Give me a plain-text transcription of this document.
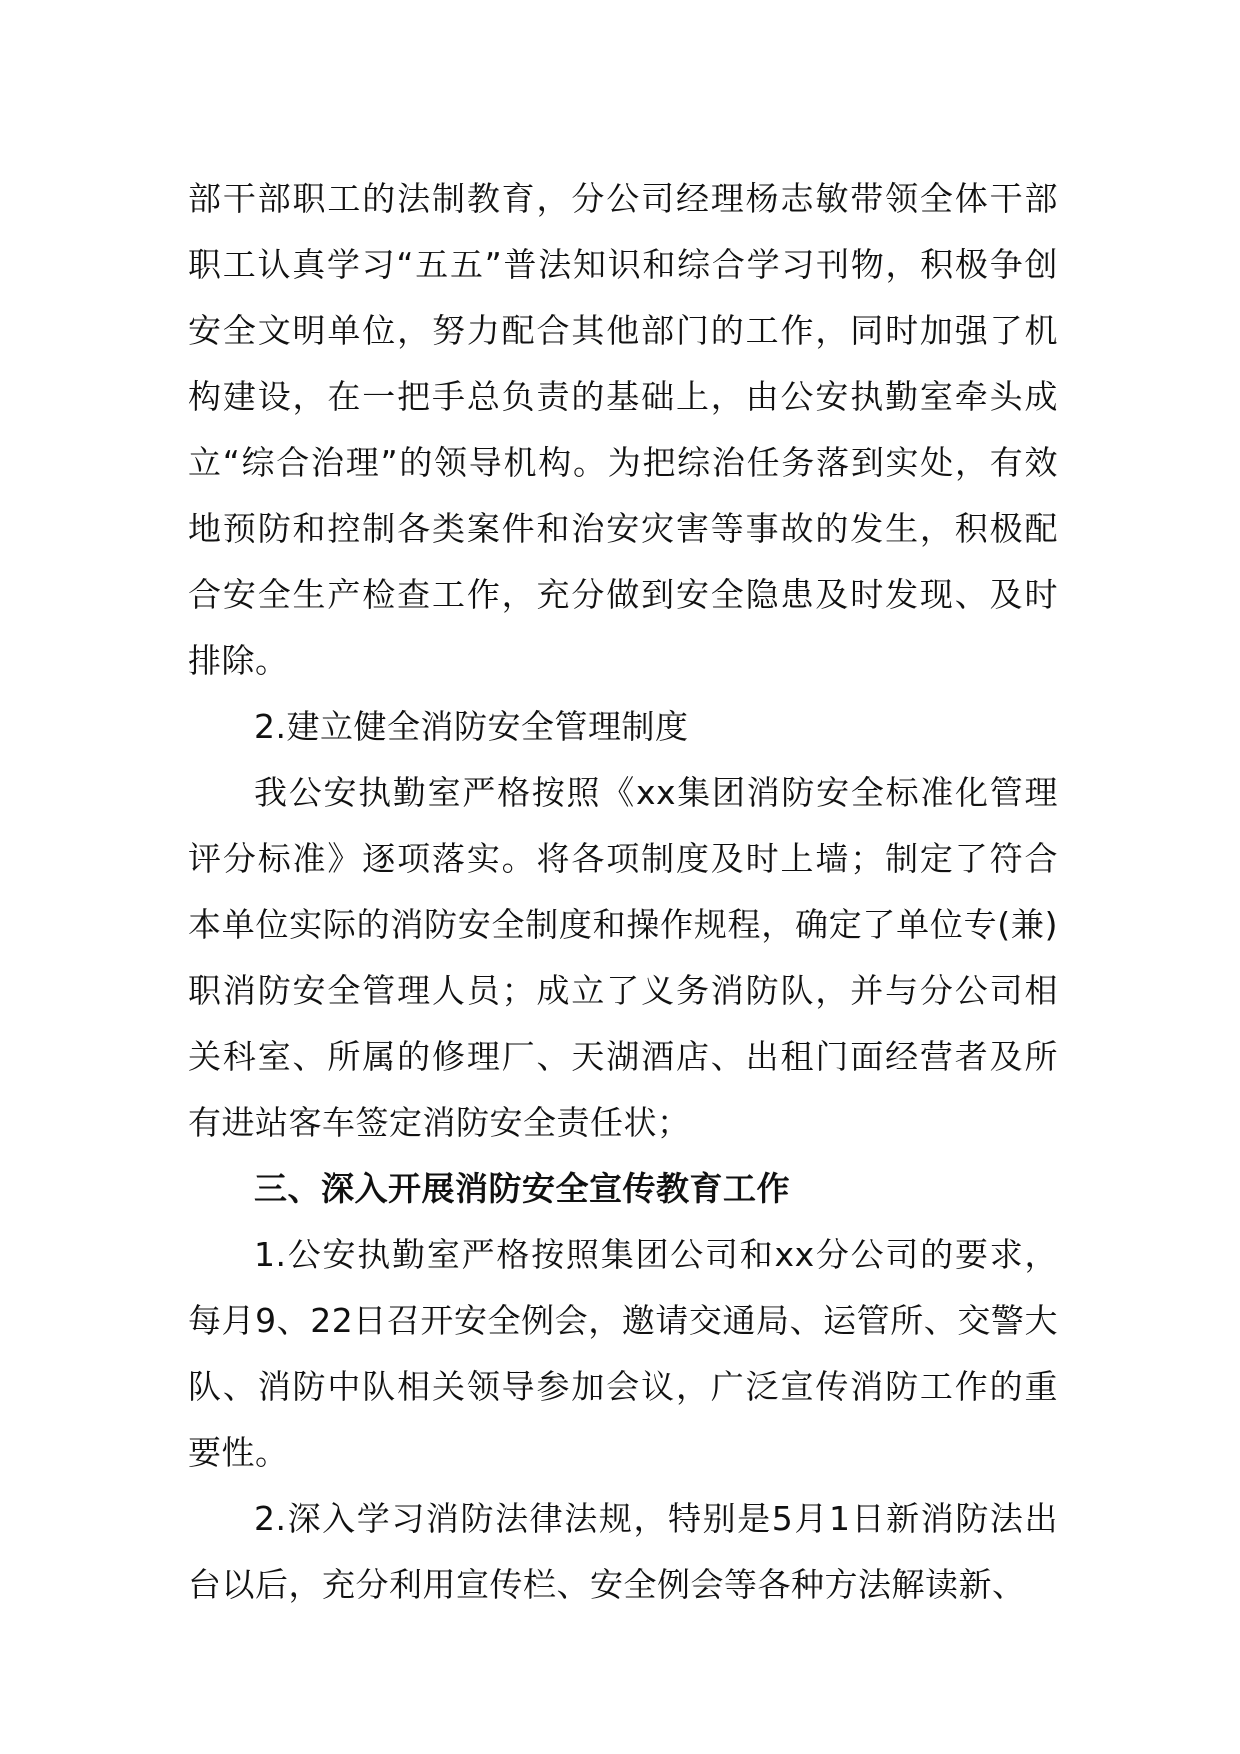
部干部职工的法制教育，分公司经理杨志敏带领全体干部职工认真学习“五五”普法知识和综合学习刊物，积极争创安全文明单位，努力配合其他部门的工作，同时加强了机构建设，在一把手总负责的基础上，由公安执勤室牵头成立“综合治理”的领导机构。为把综治任务落到实处，有效地预防和控制各类案件和治安灾害等事故的发生，积极配合安全生产检查工作，充分做到安全隐患及时发现、及时排除。

2.建立健全消防安全管理制度

我公安执勤室严格按照《xx集团消防安全标准化管理评分标准》逐项落实。将各项制度及时上墙；制定了符合本单位实际的消防安全制度和操作规程，确定了单位专(兼)职消防安全管理人员；成立了义务消防队，并与分公司相关科室、所属的修理厂、天湖酒店、出租门面经营者及所有进站客车签定消防安全责任状；

三、深入开展消防安全宣传教育工作

1.公安执勤室严格按照集团公司和xx分公司的要求，每月9、22日召开安全例会，邀请交通局、运管所、交警大队、消防中队相关领导参加会议，广泛宣传消防工作的重要性。

2.深入学习消防法律法规，特别是5月1日新消防法出台以后，充分利用宣传栏、安全例会等各种方法解读新、
